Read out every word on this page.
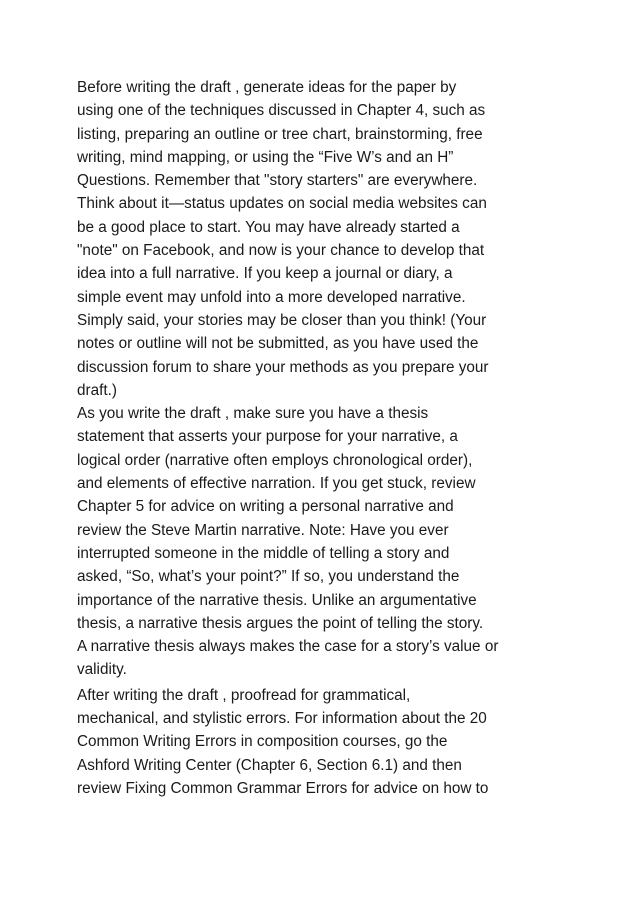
Before writing the draft , generate ideas for the paper by
using one of the techniques discussed in Chapter 4, such as
listing, preparing an outline or tree chart, brainstorming, free
writing, mind mapping, or using the “Five W’s and an H”
Questions. Remember that "story starters" are everywhere.
Think about it—status updates on social media websites can
be a good place to start. You may have already started a
"note" on Facebook, and now is your chance to develop that
idea into a full narrative. If you keep a journal or diary, a
simple event may unfold into a more developed narrative.
Simply said, your stories may be closer than you think! (Your
notes or outline will not be submitted, as you have used the
discussion forum to share your methods as you prepare your
draft.)
As you write the draft , make sure you have a thesis
statement that asserts your purpose for your narrative, a
logical order (narrative often employs chronological order),
and elements of effective narration. If you get stuck, review
Chapter 5 for advice on writing a personal narrative and
review the Steve Martin narrative. Note: Have you ever
interrupted someone in the middle of telling a story and
asked, “So, what’s your point?” If so, you understand the
importance of the narrative thesis. Unlike an argumentative
thesis, a narrative thesis argues the point of telling the story.
A narrative thesis always makes the case for a story’s value or
validity.
After writing the draft , proofread for grammatical,
mechanical, and stylistic errors. For information about the 20
Common Writing Errors in composition courses, go the
Ashford Writing Center (Chapter 6, Section 6.1) and then
review Fixing Common Grammar Errors for advice on how to
